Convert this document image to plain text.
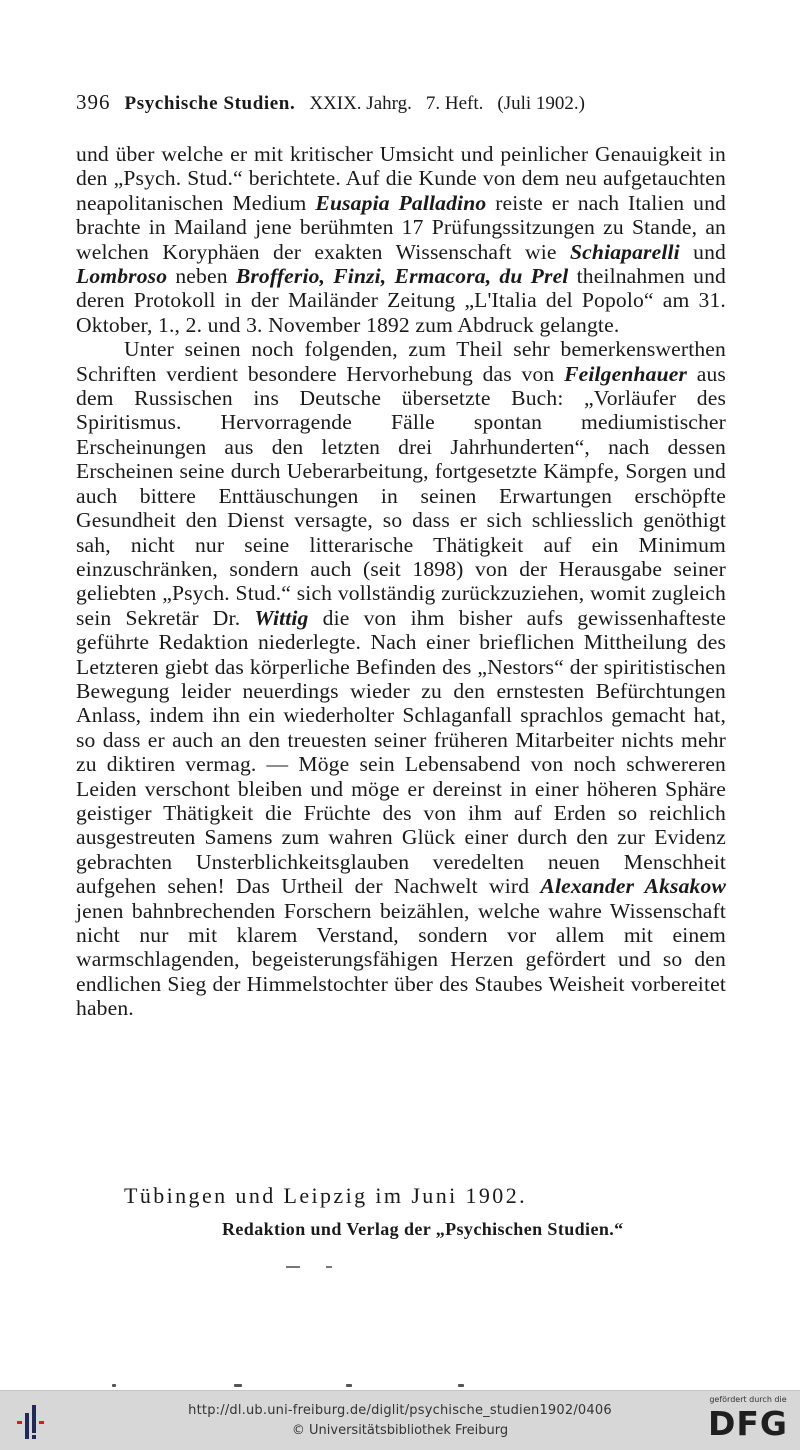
396 Psychische Studien. XXIX. Jahrg. 7. Heft. (Juli 1902.)

und über welche er mit kritischer Umsicht und peinlicher Genauigkeit in den „Psych. Stud.“ berichtete. Auf die Kunde von dem neu aufgetauchten neapolitanischen Medium Eusapia Palladino reiste er nach Italien und brachte in Mailand jene berühmten 17 Prüfungssitzungen zu Stande, an welchen Koryphäen der exakten Wissenschaft wie Schiaparelli und Lombroso neben Brofferio, Finzi, Ermacora, du Prel theilnahmen und deren Protokoll in der Mailänder Zeitung „L'Italia del Popolo“ am 31. Oktober, 1., 2. und 3. November 1892 zum Abdruck gelangte.

Unter seinen noch folgenden, zum Theil sehr bemerkenswerthen Schriften verdient besondere Hervorhebung das von Feilgenhauer aus dem Russischen ins Deutsche übersetzte Buch: „Vorläufer des Spiritismus. Hervorragende Fälle spontan mediumistischer Erscheinungen aus den letzten drei Jahrhunderten“, nach dessen Erscheinen seine durch Ueberarbeitung, fortgesetzte Kämpfe, Sorgen und auch bittere Enttäuschungen in seinen Erwartungen erschöpfte Gesundheit den Dienst versagte, so dass er sich schliesslich genöthigt sah, nicht nur seine litterarische Thätigkeit auf ein Minimum einzuschränken, sondern auch (seit 1898) von der Herausgabe seiner geliebten „Psych. Stud.“ sich vollständig zurückzuziehen, womit zugleich sein Sekretär Dr. Wittig die von ihm bisher aufs gewissenhafteste geführte Redaktion niederlegte. Nach einer brieflichen Mittheilung des Letzteren giebt das körperliche Befinden des „Nestors“ der spiritistischen Bewegung leider neuerdings wieder zu den ernstesten Befürchtungen Anlass, indem ihn ein wiederholter Schlaganfall sprachlos gemacht hat, so dass er auch an den treuesten seiner früheren Mitarbeiter nichts mehr zu diktiren vermag. — Möge sein Lebensabend von noch schwereren Leiden verschont bleiben und möge er dereinst in einer höheren Sphäre geistiger Thätigkeit die Früchte des von ihm auf Erden so reichlich ausgestreuten Samens zum wahren Glück einer durch den zur Evidenz gebrachten Unsterblichkeitsglauben veredelten neuen Menschheit aufgehen sehen! Das Urtheil der Nachwelt wird Alexander Aksakow jenen bahnbrechenden Forschern beizählen, welche wahre Wissenschaft nicht nur mit klarem Verstand, sondern vor allem mit einem warmschlagenden, begeisterungsfähigen Herzen gefördert und so den endlichen Sieg der Himmelstochter über des Staubes Weisheit vorbereitet haben.

Tübingen und Leipzig im Juni 1902.
Redaktion und Verlag der „Psychischen Studien.“
http://dl.ub.uni-freiburg.de/diglit/psychische_studien1902/0406
© Universitätsbibliothek Freiburg
gefördert durch die
DFG
